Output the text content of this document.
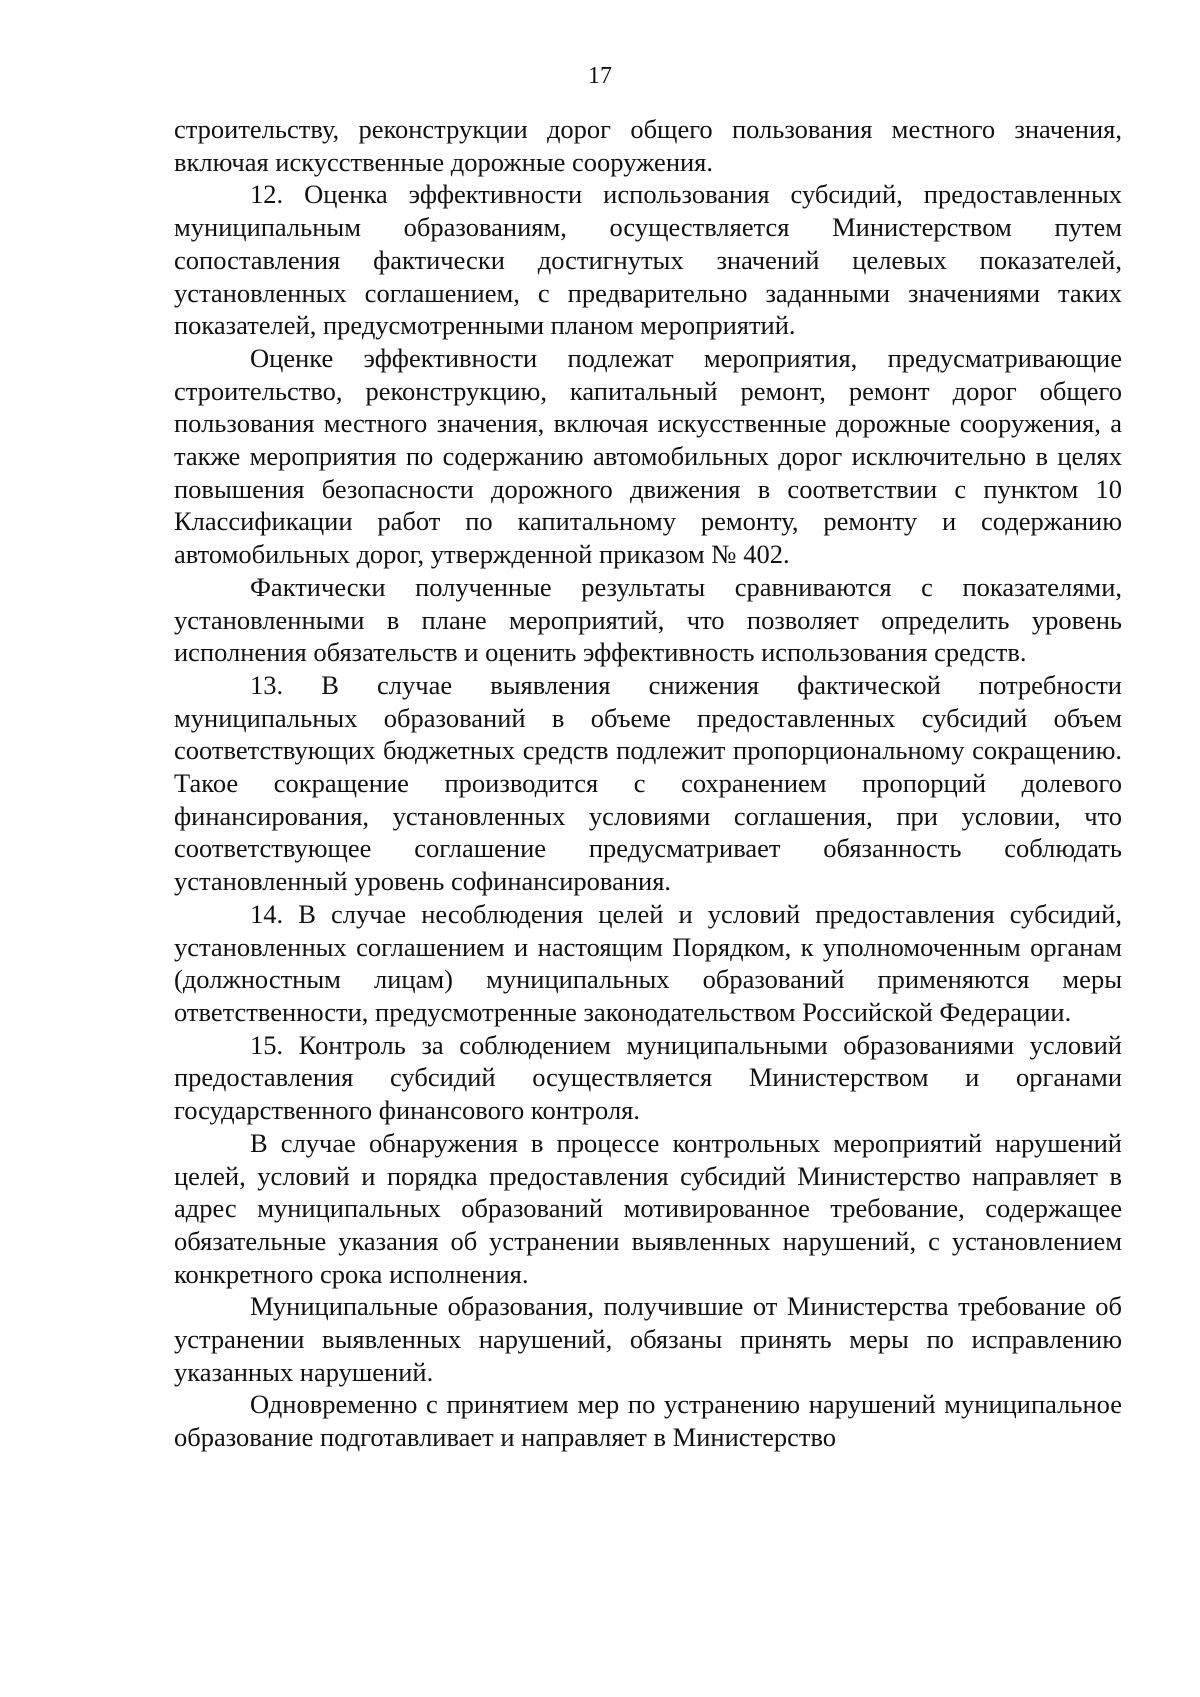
17

строительству, реконструкции дорог общего пользования местного значения, включая искусственные дорожные сооружения.

12. Оценка эффективности использования субсидий, предоставленных муниципальным образованиям, осуществляется Министерством путем сопоставления фактически достигнутых значений целевых показателей, установленных соглашением, с предварительно заданными значениями таких показателей, предусмотренными планом мероприятий.

Оценке эффективности подлежат мероприятия, предусматривающие строительство, реконструкцию, капитальный ремонт, ремонт дорог общего пользования местного значения, включая искусственные дорожные сооружения, а также мероприятия по содержанию автомобильных дорог исключительно в целях повышения безопасности дорожного движения в соответствии с пунктом 10 Классификации работ по капитальному ремонту, ремонту и содержанию автомобильных дорог, утвержденной приказом № 402.

Фактически полученные результаты сравниваются с показателями, установленными в плане мероприятий, что позволяет определить уровень исполнения обязательств и оценить эффективность использования средств.

13. В случае выявления снижения фактической потребности муниципальных образований в объеме предоставленных субсидий объем соответствующих бюджетных средств подлежит пропорциональному сокращению. Такое сокращение производится с сохранением пропорций долевого финансирования, установленных условиями соглашения, при условии, что соответствующее соглашение предусматривает обязанность соблюдать установленный уровень софинансирования.

14. В случае несоблюдения целей и условий предоставления субсидий, установленных соглашением и настоящим Порядком, к уполномоченным органам (должностным лицам) муниципальных образований применяются меры ответственности, предусмотренные законодательством Российской Федерации.

15. Контроль за соблюдением муниципальными образованиями условий предоставления субсидий осуществляется Министерством и органами государственного финансового контроля.

В случае обнаружения в процессе контрольных мероприятий нарушений целей, условий и порядка предоставления субсидий Министерство направляет в адрес муниципальных образований мотивированное требование, содержащее обязательные указания об устранении выявленных нарушений, с установлением конкретного срока исполнения.

Муниципальные образования, получившие от Министерства требование об устранении выявленных нарушений, обязаны принять меры по исправлению указанных нарушений.

Одновременно с принятием мер по устранению нарушений муниципальное образование подготавливает и направляет в Министерство
